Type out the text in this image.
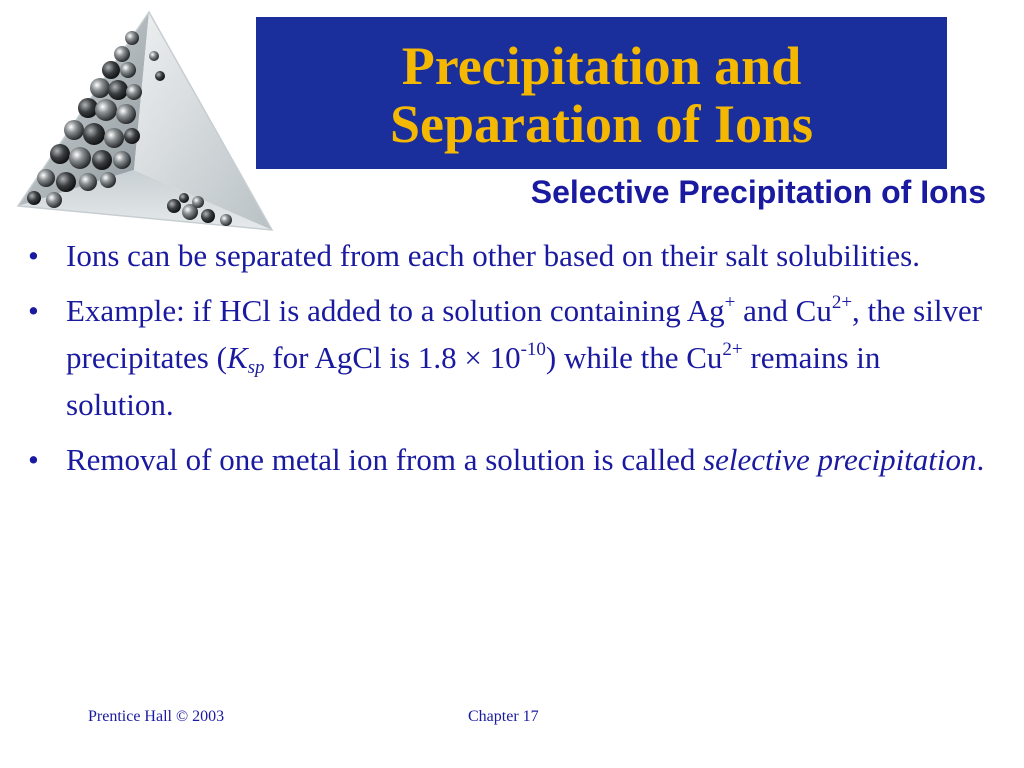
Precipitation and
Separation of Ions
Selective Precipitation of Ions
• Ions can be separated from each other based on their salt solubilities.
• Example: if HCl is added to a solution containing Ag+ and $Cu^{2+}$, the silver precipitates ($K_{sp}$ for AgCl is $1.8 \times 10^{-10}$) while the $Cu^{2+}$ remains in solution.
• Removal of one metal ion from a solution is called selective precipitation.
Prentice Hall © 2003	Chapter 17
